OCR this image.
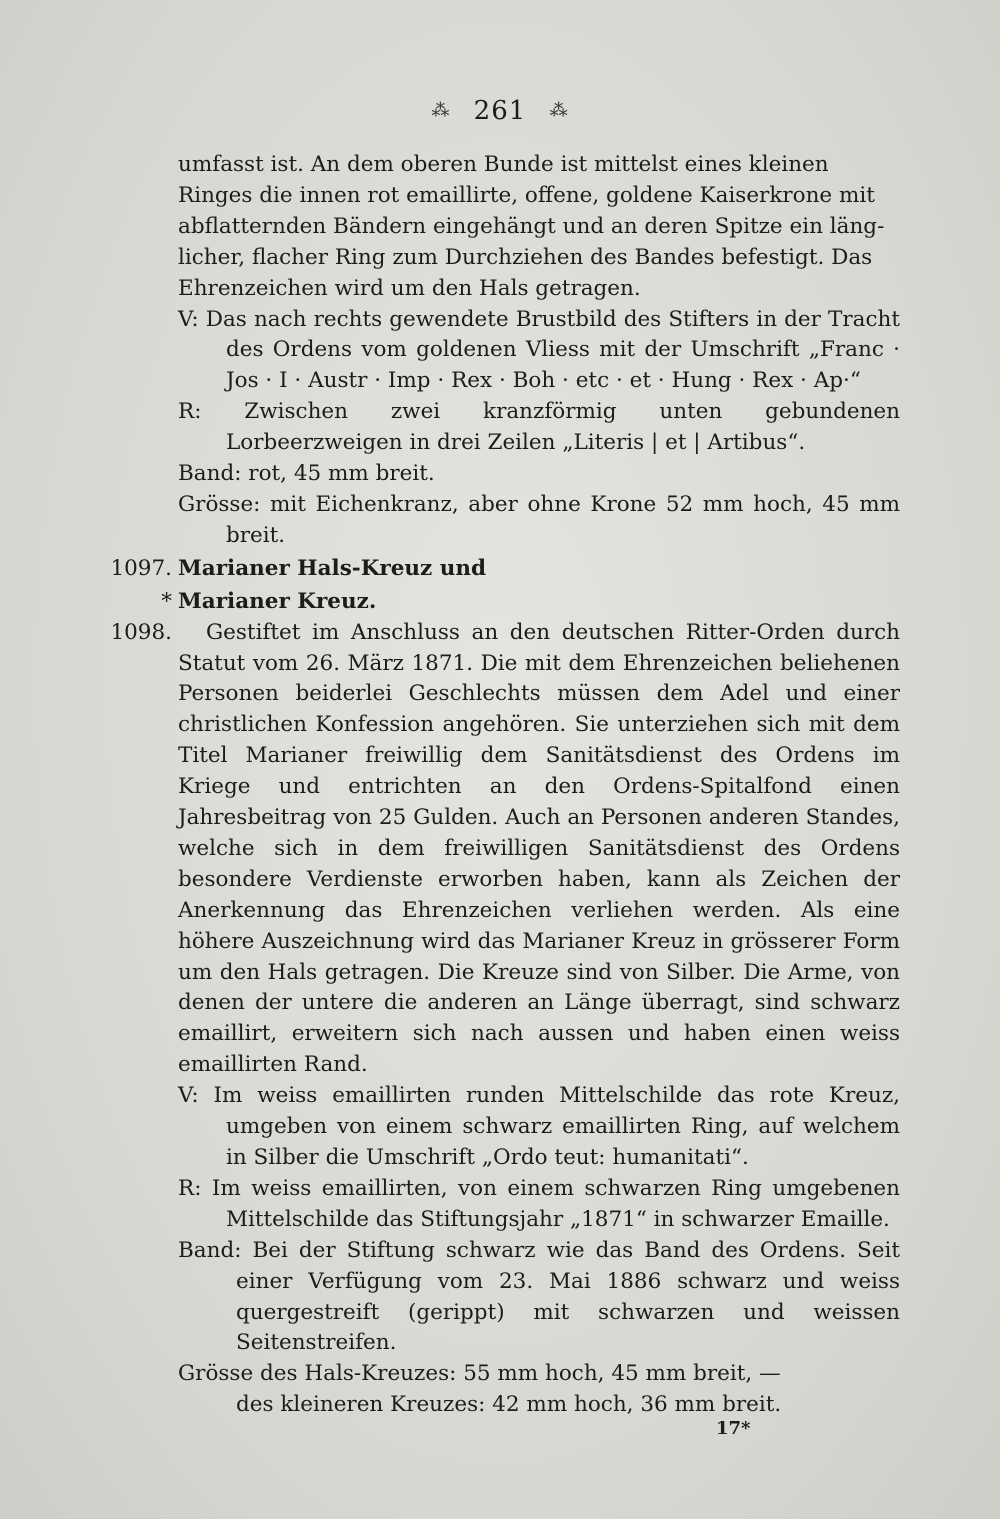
⁂ 261 ⁂
umfasst ist. An dem oberen Bunde ist mittelst eines kleinen
Ringes die innen rot emaillirte, offene, goldene Kaiserkrone mit
abflatternden Bändern eingehängt und an deren Spitze ein läng-
licher, flacher Ring zum Durchziehen des Bandes befestigt. Das
Ehrenzeichen wird um den Hals getragen.

V: Das nach rechts gewendete Brustbild des Stifters in der Tracht des Ordens vom goldenen Vliess mit der Umschrift „Franc · Jos · I · Austr · Imp · Rex · Boh · etc · et · Hung · Rex · Ap·“

R: Zwischen zwei kranzförmig unten gebundenen Lorbeerzweigen in drei Zeilen „Literis | et | Artibus“.

Band: rot, 45 mm breit.

Grösse: mit Eichenkranz, aber ohne Krone 52 mm hoch, 45 mm breit.

1097. Marianer Hals-Kreuz und
* 1098.
Marianer Kreuz.

Gestiftet im Anschluss an den deutschen Ritter-Orden durch Statut vom 26. März 1871. Die mit dem Ehrenzeichen beliehenen Personen beiderlei Geschlechts müssen dem Adel und einer christlichen Konfession angehören. Sie unterziehen sich mit dem Titel Marianer freiwillig dem Sanitätsdienst des Ordens im Kriege und entrichten an den Ordens-Spitalfond einen Jahresbeitrag von 25 Gulden. Auch an Personen anderen Standes, welche sich in dem freiwilligen Sanitätsdienst des Ordens besondere Verdienste erworben haben, kann als Zeichen der Anerkennung das Ehrenzeichen verliehen werden. Als eine höhere Auszeichnung wird das Marianer Kreuz in grösserer Form um den Hals getragen. Die Kreuze sind von Silber. Die Arme, von denen der untere die anderen an Länge überragt, sind schwarz emaillirt, erweitern sich nach aussen und haben einen weiss emaillirten Rand.

V: Im weiss emaillirten runden Mittelschilde das rote Kreuz, umgeben von einem schwarz emaillirten Ring, auf welchem in Silber die Umschrift „Ordo teut: humanitati“.

R: Im weiss emaillirten, von einem schwarzen Ring umgebenen Mittelschilde das Stiftungsjahr „1871“ in schwarzer Emaille.

Band: Bei der Stiftung schwarz wie das Band des Ordens. Seit einer Verfügung vom 23. Mai 1886 schwarz und weiss quergestreift (gerippt) mit schwarzen und weissen Seitenstreifen.

Grösse des Hals-Kreuzes: 55 mm hoch, 45 mm breit, —
des kleineren Kreuzes: 42 mm hoch, 36 mm breit.
17*
